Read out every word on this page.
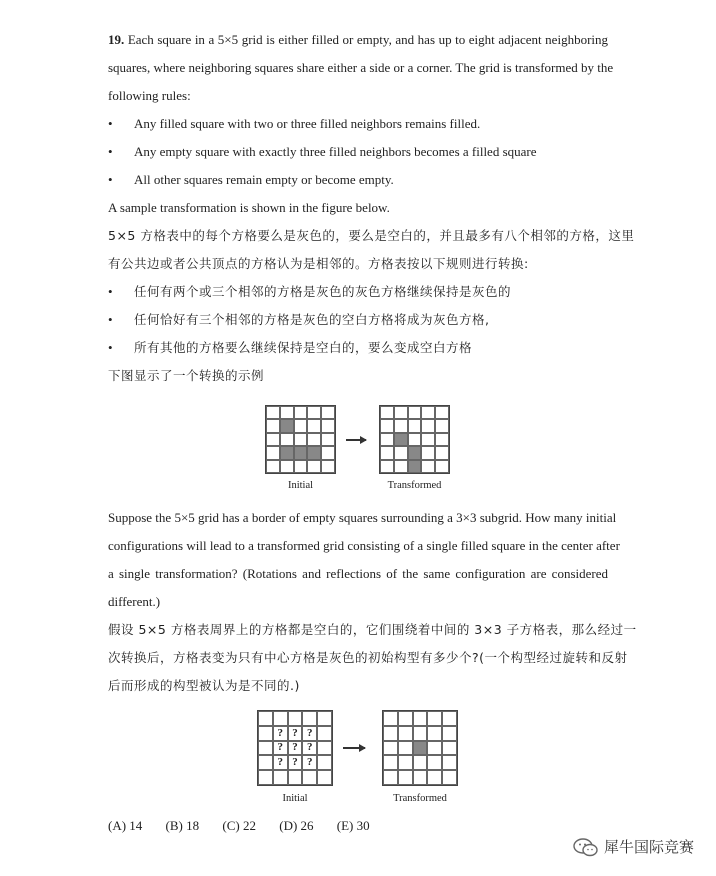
19. Each square in a 5×5 grid is either filled or empty, and has up to eight adjacent neighboring
squares, where neighboring squares share either a side or a corner. The grid is transformed by the
following rules:
• Any filled square with two or three filled neighbors remains filled.
• Any empty square with exactly three filled neighbors becomes a filled square
• All other squares remain empty or become empty.
A sample transformation is shown in the figure below.
5×5 方格表中的每个方格要么是灰色的，要么是空白的，并且最多有八个相邻的方格，这里
有公共边或者公共顶点的方格认为是相邻的。方格表按以下规则进行转换:
• 任何有两个或三个相邻的方格是灰色的灰色方格继续保持是灰色的
• 任何恰好有三个相邻的方格是灰色的空白方格将成为灰色方格,
• 所有其他的方格要么继续保持是空白的，要么变成空白方格
下图显示了一个转换的示例
Initial	Transformed
Suppose the 5×5 grid has a border of empty squares surrounding a 3×3 subgrid. How many initial
configurations will lead to a transformed grid consisting of a single filled square in the center after
a single transformation? (Rotations and reflections of the same configuration are considered
different.)
假设 5×5 方格表周界上的方格都是空白的，它们围绕着中间的 3×3 子方格表，那么经过一
次转换后，方格表变为只有中心方格是灰色的初始构型有多少个?(一个构型经过旋转和反射
后而形成的构型被认为是不同的.)
? ? ?
? ? ?
? ? ?
Initial	Transformed
(A) 14 (B) 18 (C) 22 (D) 26 (E) 30
犀牛国际竞赛
